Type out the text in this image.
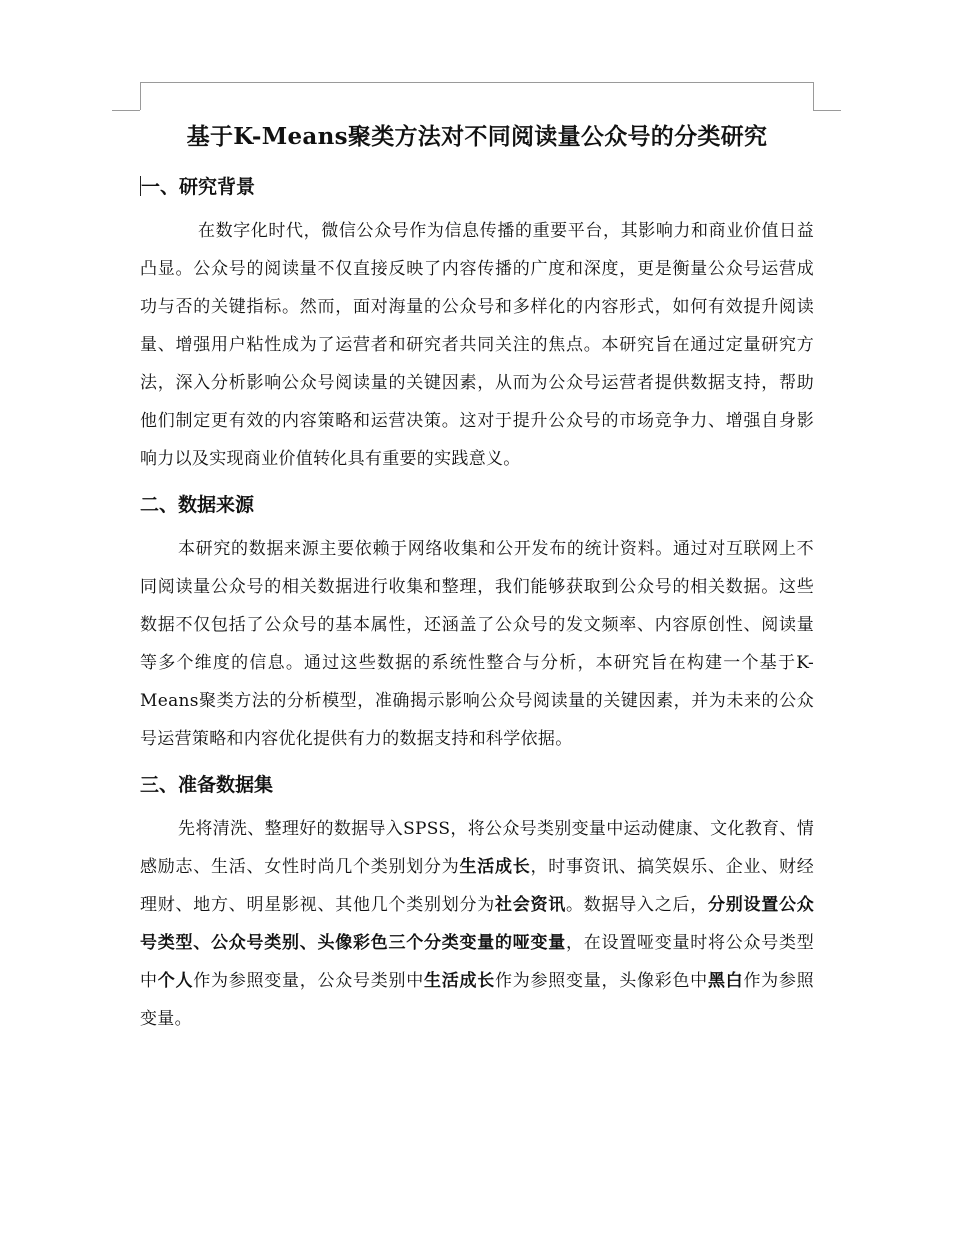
基于K-Means聚类方法对不同阅读量公众号的分类研究
一、研究背景

在数字化时代，微信公众号作为信息传播的重要平台，其影响力和商业价值日益凸显。公众号的阅读量不仅直接反映了内容传播的广度和深度，更是衡量公众号运营成功与否的关键指标。然而，面对海量的公众号和多样化的内容形式，如何有效提升阅读量、增强用户粘性成为了运营者和研究者共同关注的焦点。本研究旨在通过定量研究方法，深入分析影响公众号阅读量的关键因素，从而为公众号运营者提供数据支持，帮助他们制定更有效的内容策略和运营决策。这对于提升公众号的市场竞争力、增强自身影响力以及实现商业价值转化具有重要的实践意义。

二、数据来源

本研究的数据来源主要依赖于网络收集和公开发布的统计资料。通过对互联网上不同阅读量公众号的相关数据进行收集和整理，我们能够获取到公众号的相关数据。这些数据不仅包括了公众号的基本属性，还涵盖了公众号的发文频率、内容原创性、阅读量等多个维度的信息。通过这些数据的系统性整合与分析，本研究旨在构建一个基于K-Means聚类方法的分析模型，准确揭示影响公众号阅读量的关键因素，并为未来的公众号运营策略和内容优化提供有力的数据支持和科学依据。

三、准备数据集

先将清洗、整理好的数据导入SPSS，将公众号类别变量中运动健康、文化教育、情感励志、生活、女性时尚几个类别划分为生活成长，时事资讯、搞笑娱乐、企业、财经理财、地方、明星影视、其他几个类别划分为社会资讯。数据导入之后，分别设置公众号类型、公众号类别、头像彩色三个分类变量的哑变量，在设置哑变量时将公众号类型中个人作为参照变量，公众号类别中生活成长作为参照变量，头像彩色中黑白作为参照变量。
